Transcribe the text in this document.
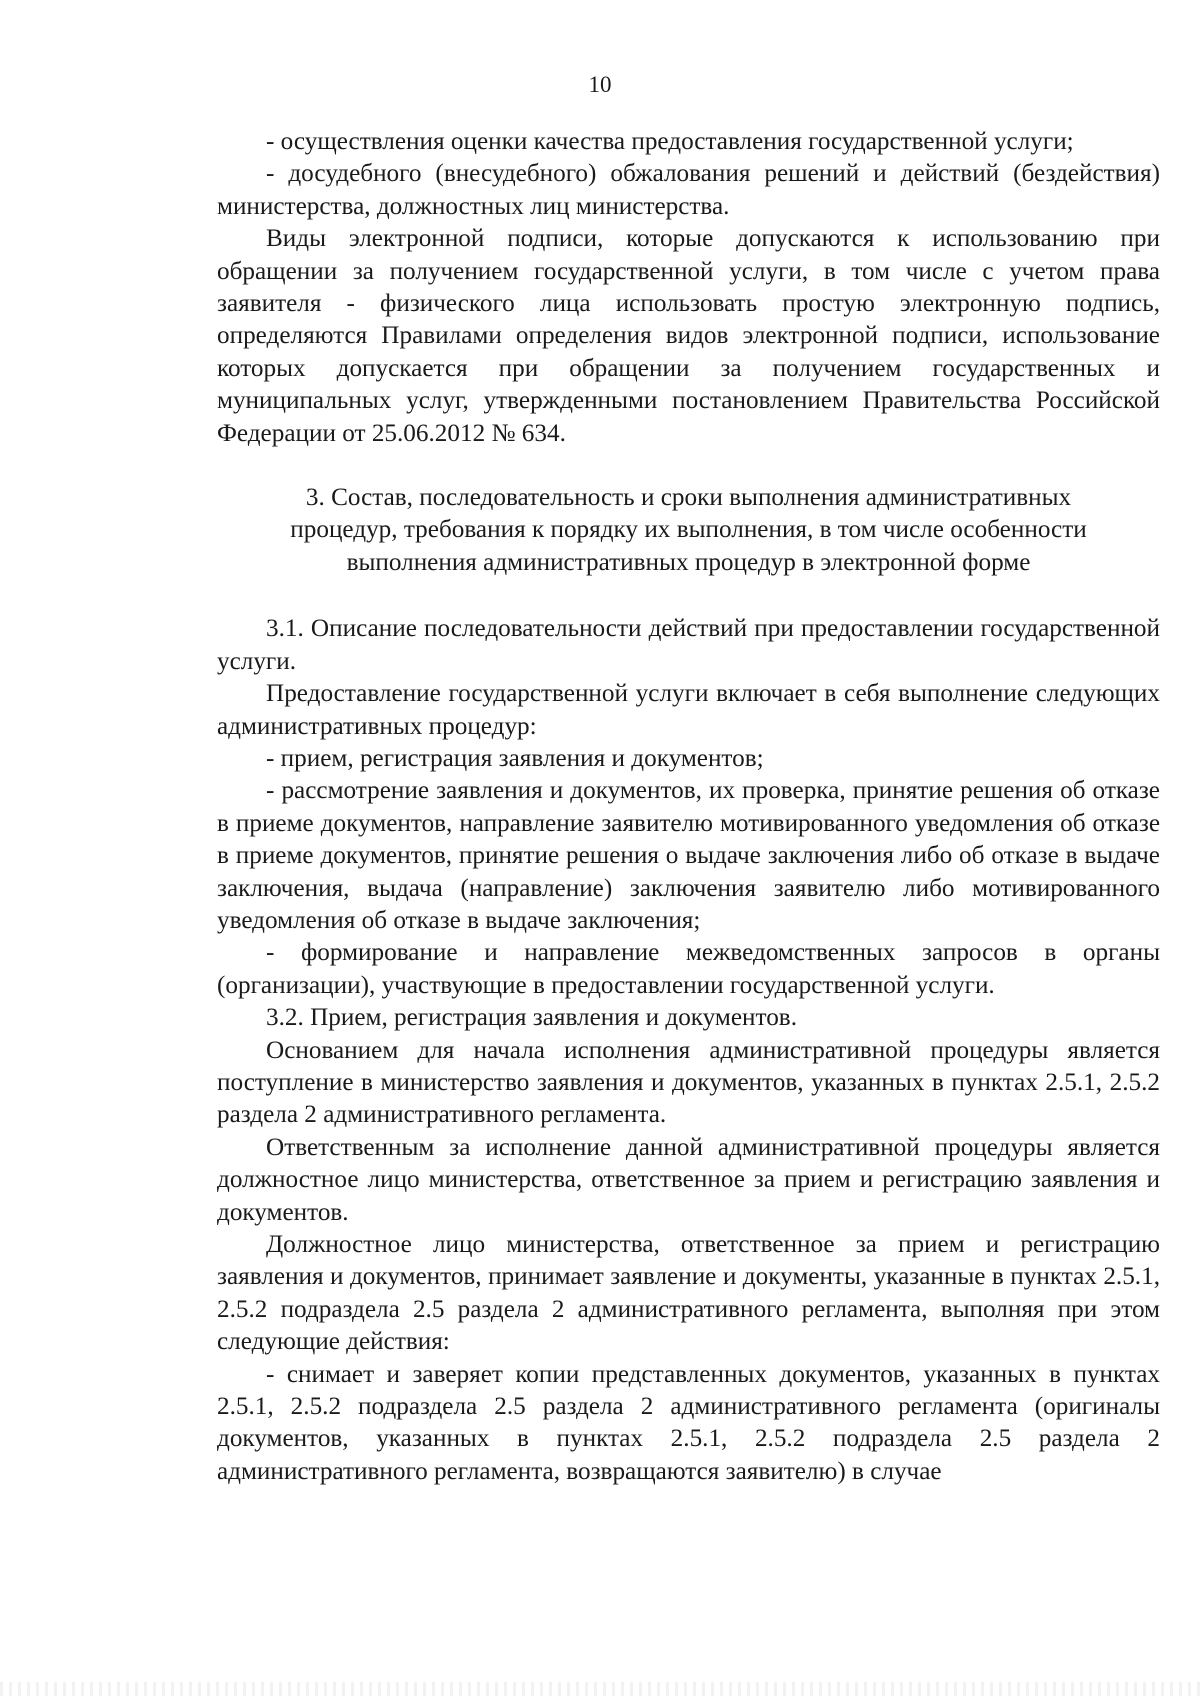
10

- осуществления оценки качества предоставления государственной услуги;

- досудебного (внесудебного) обжалования решений и действий (бездействия) министерства, должностных лиц министерства.

Виды электронной подписи, которые допускаются к использованию при обращении за получением государственной услуги, в том числе с учетом права заявителя - физического лица использовать простую электронную подпись, определяются Правилами определения видов электронной подписи, использование которых допускается при обращении за получением государственных и муниципальных услуг, утвержденными постановлением Правительства Российской Федерации от 25.06.2012 № 634.

3. Состав, последовательность и сроки выполнения административных
процедур, требования к порядку их выполнения, в том числе особенности
выполнения административных процедур в электронной форме

3.1. Описание последовательности действий при предоставлении государственной услуги.

Предоставление государственной услуги включает в себя выполнение следующих административных процедур:

- прием, регистрация заявления и документов;

- рассмотрение заявления и документов, их проверка, принятие решения об отказе в приеме документов, направление заявителю мотивированного уведомления об отказе в приеме документов, принятие решения о выдаче заключения либо об отказе в выдаче заключения, выдача (направление) заключения заявителю либо мотивированного уведомления об отказе в выдаче заключения;

- формирование и направление межведомственных запросов в органы (организации), участвующие в предоставлении государственной услуги.

3.2. Прием, регистрация заявления и документов.

Основанием для начала исполнения административной процедуры является поступление в министерство заявления и документов, указанных в пунктах 2.5.1, 2.5.2 раздела 2 административного регламента.

Ответственным за исполнение данной административной процедуры является должностное лицо министерства, ответственное за прием и регистрацию заявления и документов.

Должностное лицо министерства, ответственное за прием и регистрацию заявления и документов, принимает заявление и документы, указанные в пунктах 2.5.1, 2.5.2 подраздела 2.5 раздела 2 административного регламента, выполняя при этом следующие действия:

- снимает и заверяет копии представленных документов, указанных в пунктах 2.5.1, 2.5.2 подраздела 2.5 раздела 2 административного регламента (оригиналы документов, указанных в пунктах 2.5.1, 2.5.2 подраздела 2.5 раздела 2 административного регламента, возвращаются заявителю) в случае
